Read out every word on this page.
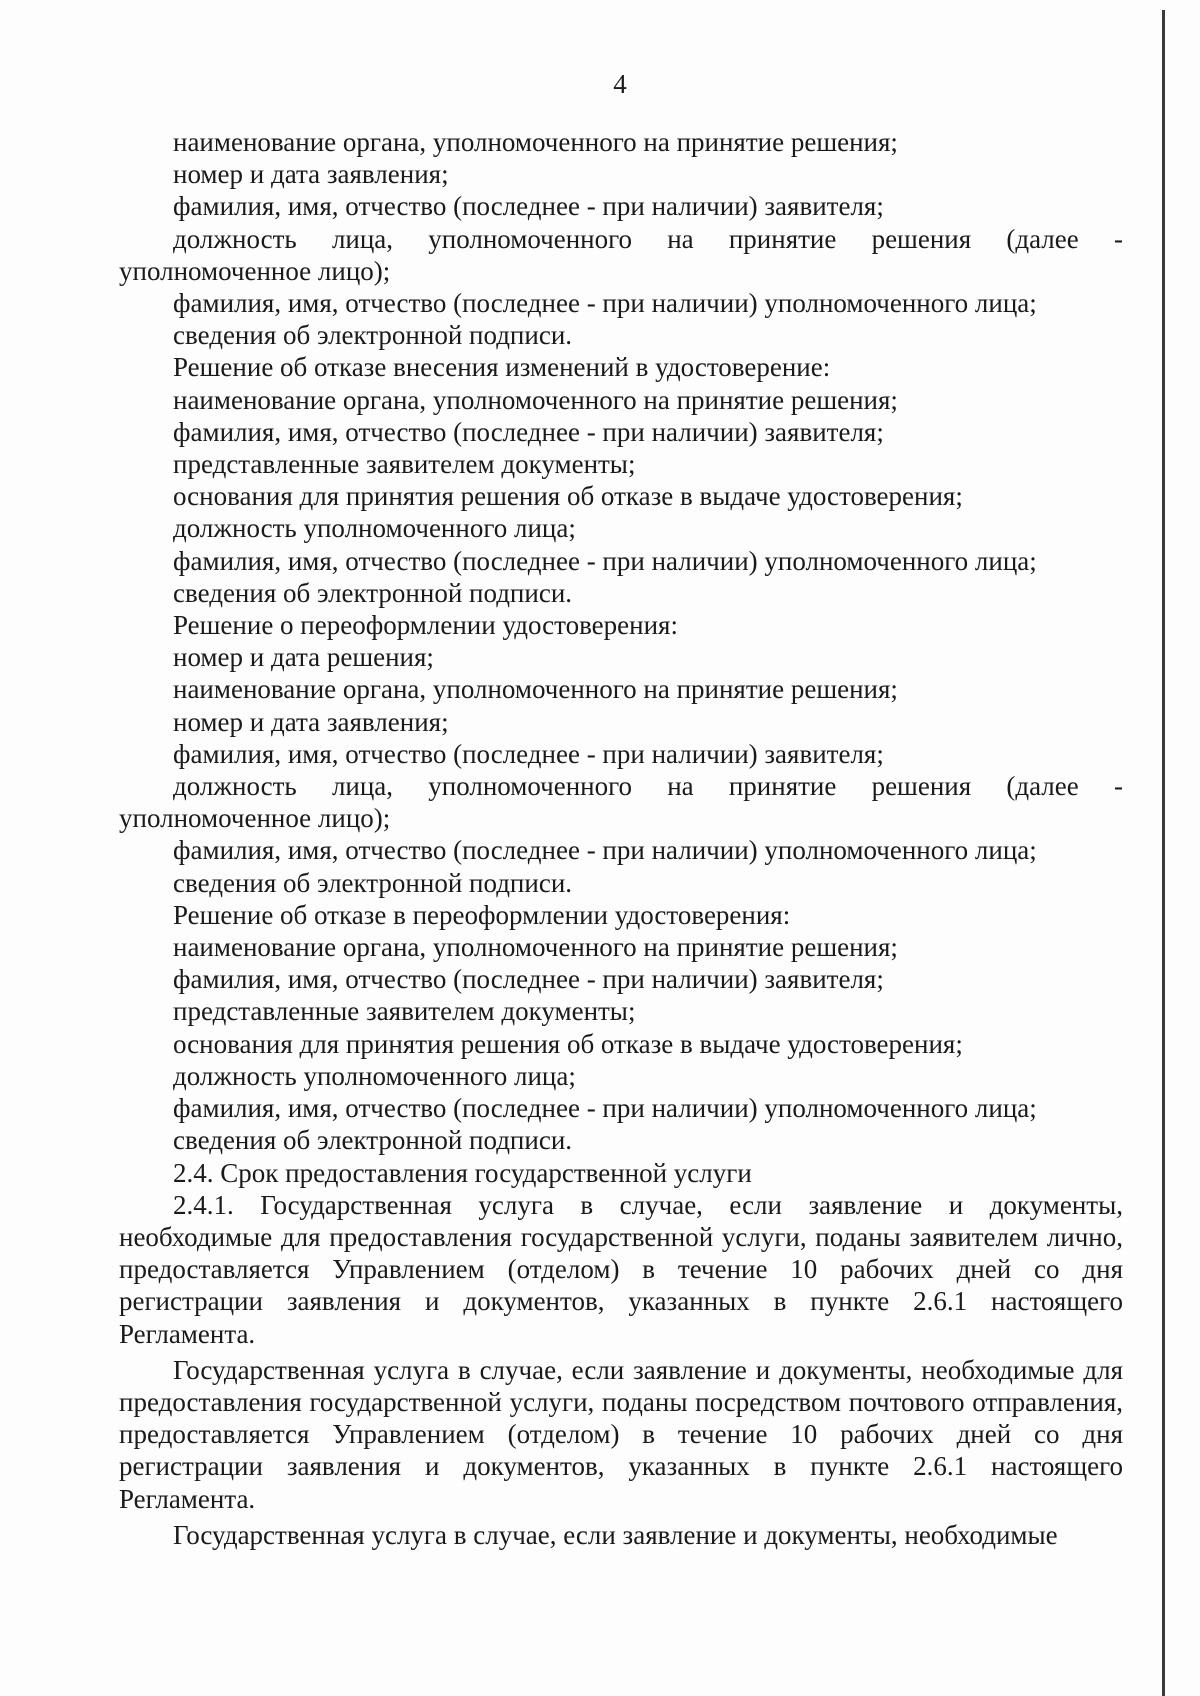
4
наименование органа, уполномоченного на принятие решения;
номер и дата заявления;
фамилия, имя, отчество (последнее - при наличии) заявителя;
должность лица, уполномоченного на принятие решения (далее -
уполномоченное лицо);
фамилия, имя, отчество (последнее - при наличии) уполномоченного лица;
сведения об электронной подписи.
Решение об отказе внесения изменений в удостоверение:
наименование органа, уполномоченного на принятие решения;
фамилия, имя, отчество (последнее - при наличии) заявителя;
представленные заявителем документы;
основания для принятия решения об отказе в выдаче удостоверения;
должность уполномоченного лица;
фамилия, имя, отчество (последнее - при наличии) уполномоченного лица;
сведения об электронной подписи.
Решение о переоформлении удостоверения:
номер и дата решения;
наименование органа, уполномоченного на принятие решения;
номер и дата заявления;
фамилия, имя, отчество (последнее - при наличии) заявителя;
должность лица, уполномоченного на принятие решения (далее -
уполномоченное лицо);
фамилия, имя, отчество (последнее - при наличии) уполномоченного лица;
сведения об электронной подписи.
Решение об отказе в переоформлении удостоверения:
наименование органа, уполномоченного на принятие решения;
фамилия, имя, отчество (последнее - при наличии) заявителя;
представленные заявителем документы;
основания для принятия решения об отказе в выдаче удостоверения;
должность уполномоченного лица;
фамилия, имя, отчество (последнее - при наличии) уполномоченного лица;
сведения об электронной подписи.
2.4. Срок предоставления государственной услуги
2.4.1. Государственная услуга в случае, если заявление и документы, необходимые для предоставления государственной услуги, поданы заявителем лично, предоставляется Управлением (отделом) в течение 10 рабочих дней со дня регистрации заявления и документов, указанных в пункте 2.6.1 настоящего Регламента.
Государственная услуга в случае, если заявление и документы, необходимые для предоставления государственной услуги, поданы посредством почтового отправления, предоставляется Управлением (отделом) в течение 10 рабочих дней со дня регистрации заявления и документов, указанных в пункте 2.6.1 настоящего Регламента.
Государственная услуга в случае, если заявление и документы, необходимые
